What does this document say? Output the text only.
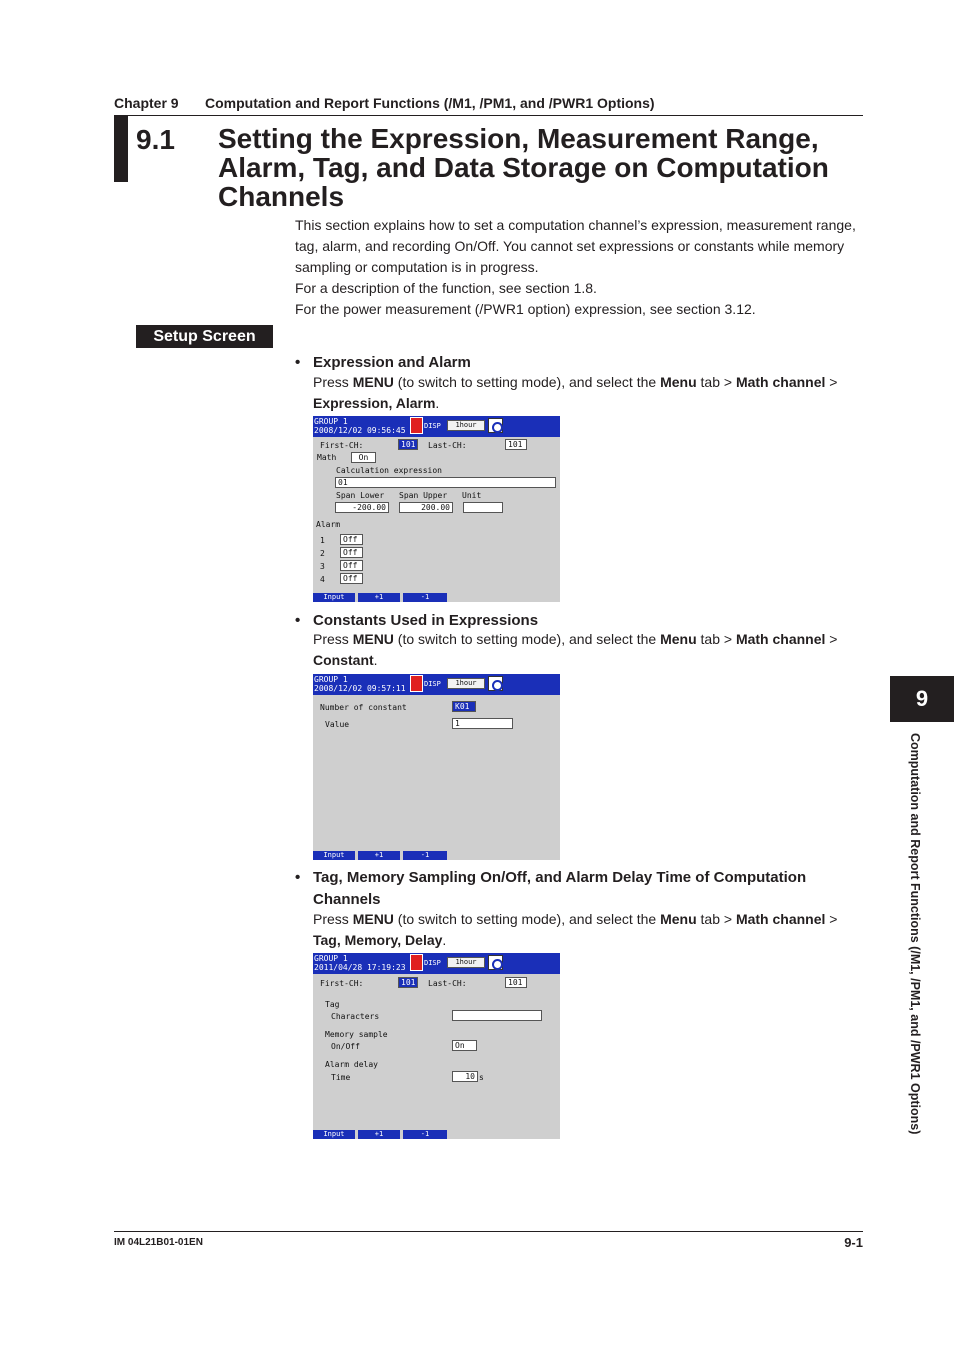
Chapter 9 Computation and Report Functions (/M1, /PM1, and /PWR1 Options)
9.1 Setting the Expression, Measurement Range, Alarm, Tag, and Data Storage on Computation Channels

This section explains how to set a computation channel’s expression, measurement range, tag, alarm, and recording On/Off. You cannot set expressions or constants while memory sampling or computation is in progress.

For a description of the function, see section 1.8.

For the power measurement (/PWR1 option) expression, see section 3.12.

Setup Screen
• Expression and Alarm
Press MENU (to switch to setting mode), and select the Menu tab > Math channel >
Expression, Alarm.
GROUP 1
2008/12/02 09:56:45	DISP	1hour
First-CH:	101	Last-CH:	101
Math	On
Calculation expression
01
Span Lower Span Upper Unit
-200.00	200.00
Alarm
1	Off
2	Off
3	Off
4	Off
Input	+1	-1
• Constants Used in Expressions
Press MENU (to switch to setting mode), and select the Menu tab > Math channel >
Constant.
GROUP 1
2008/12/02 09:57:11	DISP	1hour
Number of constant	K01
Value	1
Input	+1	-1
• Tag, Memory Sampling On/Off, and Alarm Delay Time of Computation Channels
Press MENU (to switch to setting mode), and select the Menu tab > Math channel >
Tag, Memory, Delay.
GROUP 1
2011/04/28 17:19:23	DISP	1hour
First-CH:	101	Last-CH:	101
Tag
Characters
Memory sample
On/Off	On
Alarm delay
Time	10 s
Input	+1	-1
9
Computation and Report Functions (/M1, /PM1, and /PWR1 Options)
IM 04L21B01-01EN	9-1
